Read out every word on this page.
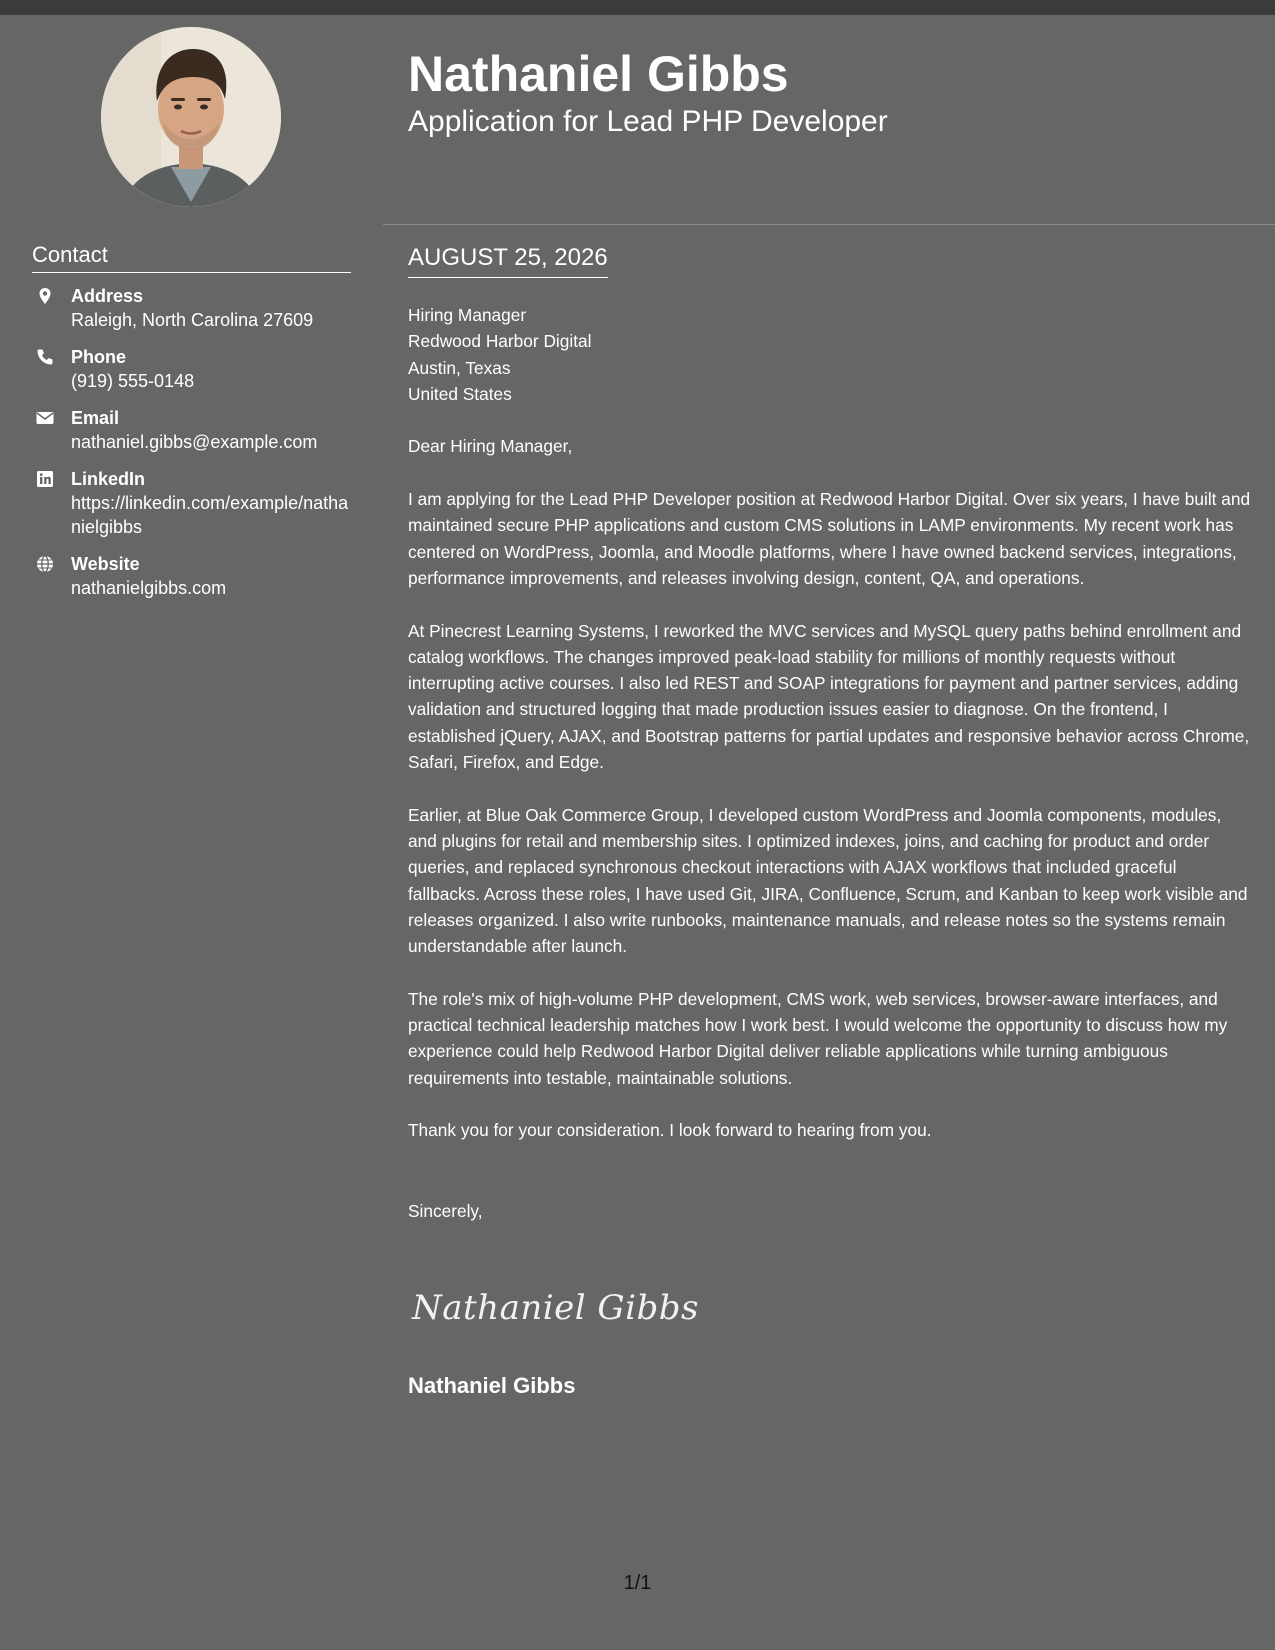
Contact
Address
Raleigh, North Carolina 27609
Phone
(919) 555-0148
Email
nathaniel.gibbs@example.com
LinkedIn
https://linkedin.com/example/nathanielgibbs
Website
nathanielgibbs.com
Nathaniel Gibbs
Application for Lead PHP Developer
AUGUST 25, 2026

Hiring Manager
Redwood Harbor Digital
Austin, Texas
United States

Dear Hiring Manager,

I am applying for the Lead PHP Developer position at Redwood Harbor Digital. Over six years, I have built and maintained secure PHP applications and custom CMS solutions in LAMP environments. My recent work has centered on WordPress, Joomla, and Moodle platforms, where I have owned backend services, integrations, performance improvements, and releases involving design, content, QA, and operations.

At Pinecrest Learning Systems, I reworked the MVC services and MySQL query paths behind enrollment and catalog workflows. The changes improved peak-load stability for millions of monthly requests without interrupting active courses. I also led REST and SOAP integrations for payment and partner services, adding validation and structured logging that made production issues easier to diagnose. On the frontend, I established jQuery, AJAX, and Bootstrap patterns for partial updates and responsive behavior across Chrome, Safari, Firefox, and Edge.

Earlier, at Blue Oak Commerce Group, I developed custom WordPress and Joomla components, modules, and plugins for retail and membership sites. I optimized indexes, joins, and caching for product and order queries, and replaced synchronous checkout interactions with AJAX workflows that included graceful fallbacks. Across these roles, I have used Git, JIRA, Confluence, Scrum, and Kanban to keep work visible and releases organized. I also write runbooks, maintenance manuals, and release notes so the systems remain understandable after launch.

The role's mix of high-volume PHP development, CMS work, web services, browser-aware interfaces, and practical technical leadership matches how I work best. I would welcome the opportunity to discuss how my experience could help Redwood Harbor Digital deliver reliable applications while turning ambiguous requirements into testable, maintainable solutions.

Thank you for your consideration. I look forward to hearing from you.

Sincerely,

Nathaniel Gibbs
Nathaniel Gibbs
1/1
